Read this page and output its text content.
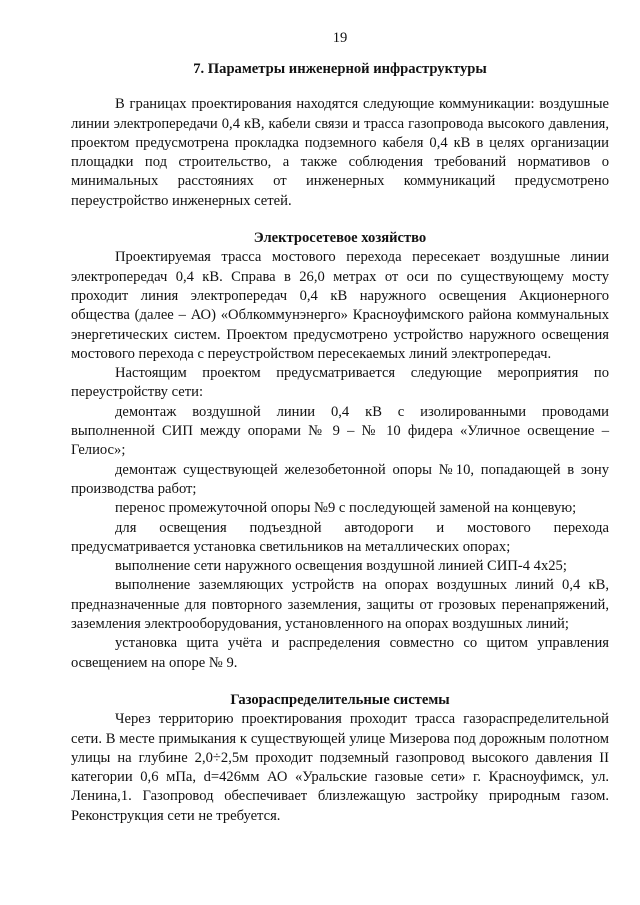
19
7. Параметры инженерной инфраструктуры

В границах проектирования находятся следующие коммуникации: воздушные линии электропередачи 0,4 кВ, кабели связи и трасса газопровода высокого давления, проектом предусмотрена прокладка подземного кабеля 0,4 кВ в целях организации площадки под строительство, а также соблюдения требований нормативов о минимальных расстояниях от инженерных коммуникаций предусмотрено переустройство инженерных сетей.

Электросетевое хозяйство

Проектируемая трасса мостового перехода пересекает воздушные линии электропередач 0,4 кВ. Справа в 26,0 метрах от оси по существующему мосту проходит линия электропередач 0,4 кВ наружного освещения Акционерного общества (далее – АО) «Облкоммунэнерго» Красноуфимского района коммунальных энергетических систем. Проектом предусмотрено устройство наружного освещения мостового перехода с переустройством пересекаемых линий электропередач.

Настоящим проектом предусматривается следующие мероприятия по переустройству сети:

демонтаж воздушной линии 0,4 кВ с изолированными проводами выполненной СИП между опорами № 9 – № 10 фидера «Уличное освещение – Гелиос»;

демонтаж существующей железобетонной опоры №10, попадающей в зону производства работ;

перенос промежуточной опоры №9 с последующей заменой на концевую;

для освещения подъездной автодороги и мостового перехода предусматривается установка светильников на металлических опорах;

выполнение сети наружного освещения воздушной линией СИП-4 4х25;

выполнение заземляющих устройств на опорах воздушных линий 0,4 кВ, предназначенные для повторного заземления, защиты от грозовых перенапряжений, заземления электрооборудования, установленного на опорах воздушных линий;

установка щита учёта и распределения совместно со щитом управления освещением на опоре № 9.

Газораспределительные системы

Через территорию проектирования проходит трасса газораспределительной сети. В месте примыкания к существующей улице Мизерова под дорожным полотном улицы на глубине 2,0÷2,5м проходит подземный газопровод высокого давления II категории 0,6 мПа, d=426мм АО «Уральские газовые сети» г. Красноуфимск, ул. Ленина,1. Газопровод обеспечивает близлежащую застройку природным газом. Реконструкция сети не требуется.
